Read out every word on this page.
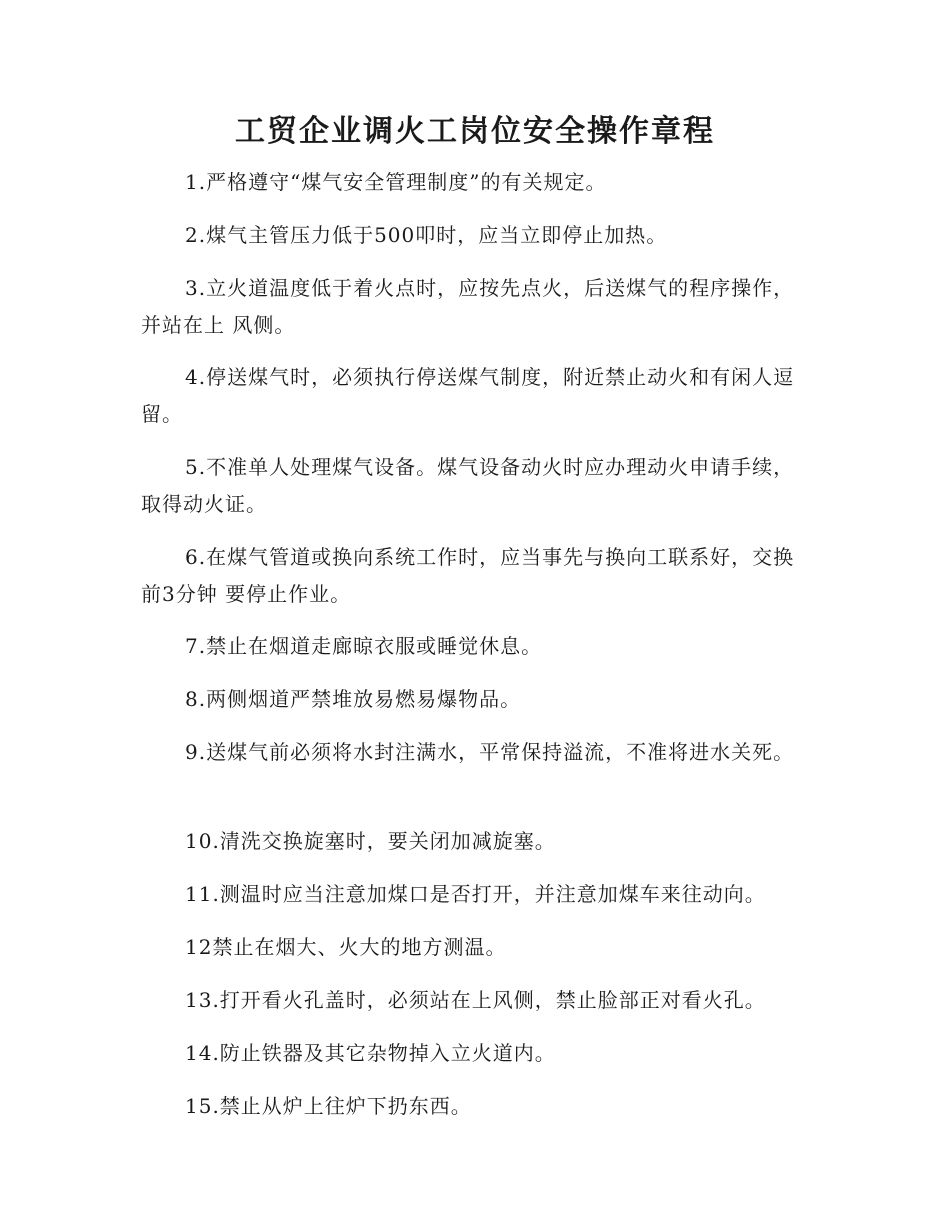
工贸企业调火工岗位安全操作章程

1.严格遵守“煤气安全管理制度”的有关规定。

2.煤气主管压力低于500叩时，应当立即停止加热。

3.立火道温度低于着火点时，应按先点火，后送煤气的程序操作，并站在上 风侧。

4.停送煤气时，必须执行停送煤气制度，附近禁止动火和有闲人逗留。

5.不准单人处理煤气设备。煤气设备动火时应办理动火申请手续，取得动火证。

6.在煤气管道或换向系统工作时，应当事先与换向工联系好，交换前3分钟 要停止作业。

7.禁止在烟道走廊晾衣服或睡觉休息。

8.两侧烟道严禁堆放易燃易爆物品。

9.送煤气前必须将水封注满水，平常保持溢流，不准将进水关死。

10.清洗交换旋塞时，要关闭加减旋塞。

11.测温时应当注意加煤口是否打开，并注意加煤车来往动向。

12禁止在烟大、火大的地方测温。

13.打开看火孔盖时，必须站在上风侧，禁止脸部正对看火孔。

14.防止铁器及其它杂物掉入立火道内。

15.禁止从炉上往炉下扔东西。
